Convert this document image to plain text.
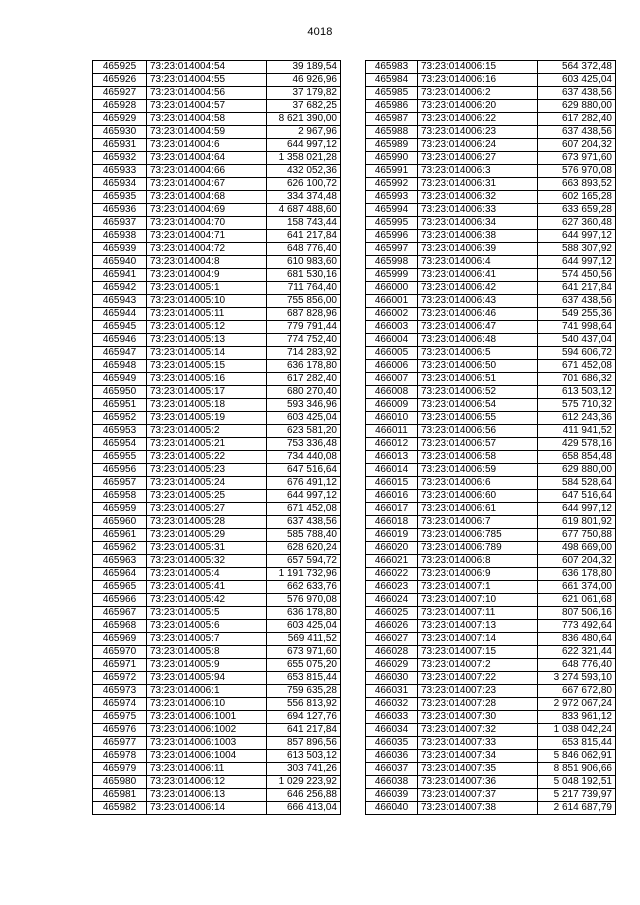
4018
465925	73:23:014004:54	39 189,54
465926	73:23:014004:55	46 926,96
465927	73:23:014004:56	37 179,82
465928	73:23:014004:57	37 682,25
465929	73:23:014004:58	8 621 390,00
465930	73:23:014004:59	2 967,96
465931	73:23:014004:6	644 997,12
465932	73:23:014004:64	1 358 021,28
465933	73:23:014004:66	432 052,36
465934	73:23:014004:67	626 100,72
465935	73:23:014004:68	334 374,48
465936	73:23:014004:69	4 687 488,60
465937	73:23:014004:70	158 743,44
465938	73:23:014004:71	641 217,84
465939	73:23:014004:72	648 776,40
465940	73:23:014004:8	610 983,60
465941	73:23:014004:9	681 530,16
465942	73:23:014005:1	711 764,40
465943	73:23:014005:10	755 856,00
465944	73:23:014005:11	687 828,96
465945	73:23:014005:12	779 791,44
465946	73:23:014005:13	774 752,40
465947	73:23:014005:14	714 283,92
465948	73:23:014005:15	636 178,80
465949	73:23:014005:16	617 282,40
465950	73:23:014005:17	680 270,40
465951	73:23:014005:18	593 346,96
465952	73:23:014005:19	603 425,04
465953	73:23:014005:2	623 581,20
465954	73:23:014005:21	753 336,48
465955	73:23:014005:22	734 440,08
465956	73:23:014005:23	647 516,64
465957	73:23:014005:24	676 491,12
465958	73:23:014005:25	644 997,12
465959	73:23:014005:27	671 452,08
465960	73:23:014005:28	637 438,56
465961	73:23:014005:29	585 788,40
465962	73:23:014005:31	628 620,24
465963	73:23:014005:32	657 594,72
465964	73:23:014005:4	1 191 732,96
465965	73:23:014005:41	662 633,76
465966	73:23:014005:42	576 970,08
465967	73:23:014005:5	636 178,80
465968	73:23:014005:6	603 425,04
465969	73:23:014005:7	569 411,52
465970	73:23:014005:8	673 971,60
465971	73:23:014005:9	655 075,20
465972	73:23:014005:94	653 815,44
465973	73:23:014006:1	759 635,28
465974	73:23:014006:10	556 813,92
465975	73:23:014006:1001	694 127,76
465976	73:23:014006:1002	641 217,84
465977	73:23:014006:1003	857 896,56
465978	73:23:014006:1004	613 503,12
465979	73:23:014006:11	303 741,26
465980	73:23:014006:12	1 029 223,92
465981	73:23:014006:13	646 256,88
465982	73:23:014006:14	666 413,04
465983	73:23:014006:15	564 372,48
465984	73:23:014006:16	603 425,04
465985	73:23:014006:2	637 438,56
465986	73:23:014006:20	629 880,00
465987	73:23:014006:22	617 282,40
465988	73:23:014006:23	637 438,56
465989	73:23:014006:24	607 204,32
465990	73:23:014006:27	673 971,60
465991	73:23:014006:3	576 970,08
465992	73:23:014006:31	663 893,52
465993	73:23:014006:32	602 165,28
465994	73:23:014006:33	633 659,28
465995	73:23:014006:34	627 360,48
465996	73:23:014006:38	644 997,12
465997	73:23:014006:39	588 307,92
465998	73:23:014006:4	644 997,12
465999	73:23:014006:41	574 450,56
466000	73:23:014006:42	641 217,84
466001	73:23:014006:43	637 438,56
466002	73:23:014006:46	549 255,36
466003	73:23:014006:47	741 998,64
466004	73:23:014006:48	540 437,04
466005	73:23:014006:5	594 606,72
466006	73:23:014006:50	671 452,08
466007	73:23:014006:51	701 686,32
466008	73:23:014006:52	613 503,12
466009	73:23:014006:54	575 710,32
466010	73:23:014006:55	612 243,36
466011	73:23:014006:56	411 941,52
466012	73:23:014006:57	429 578,16
466013	73:23:014006:58	658 854,48
466014	73:23:014006:59	629 880,00
466015	73:23:014006:6	584 528,64
466016	73:23:014006:60	647 516,64
466017	73:23:014006:61	644 997,12
466018	73:23:014006:7	619 801,92
466019	73:23:014006:785	677 750,88
466020	73:23:014006:789	498 669,00
466021	73:23:014006:8	607 204,32
466022	73:23:014006:9	636 178,80
466023	73:23:014007:1	661 374,00
466024	73:23:014007:10	621 061,68
466025	73:23:014007:11	807 506,16
466026	73:23:014007:13	773 492,64
466027	73:23:014007:14	836 480,64
466028	73:23:014007:15	622 321,44
466029	73:23:014007:2	648 776,40
466030	73:23:014007:22	3 274 593,10
466031	73:23:014007:23	667 672,80
466032	73:23:014007:28	2 972 067,24
466033	73:23:014007:30	833 961,12
466034	73:23:014007:32	1 038 042,24
466035	73:23:014007:33	653 815,44
466036	73:23:014007:34	5 846 062,91
466037	73:23:014007:35	8 851 906,66
466038	73:23:014007:36	5 048 192,51
466039	73:23:014007:37	5 217 739,97
466040	73:23:014007:38	2 614 687,79
